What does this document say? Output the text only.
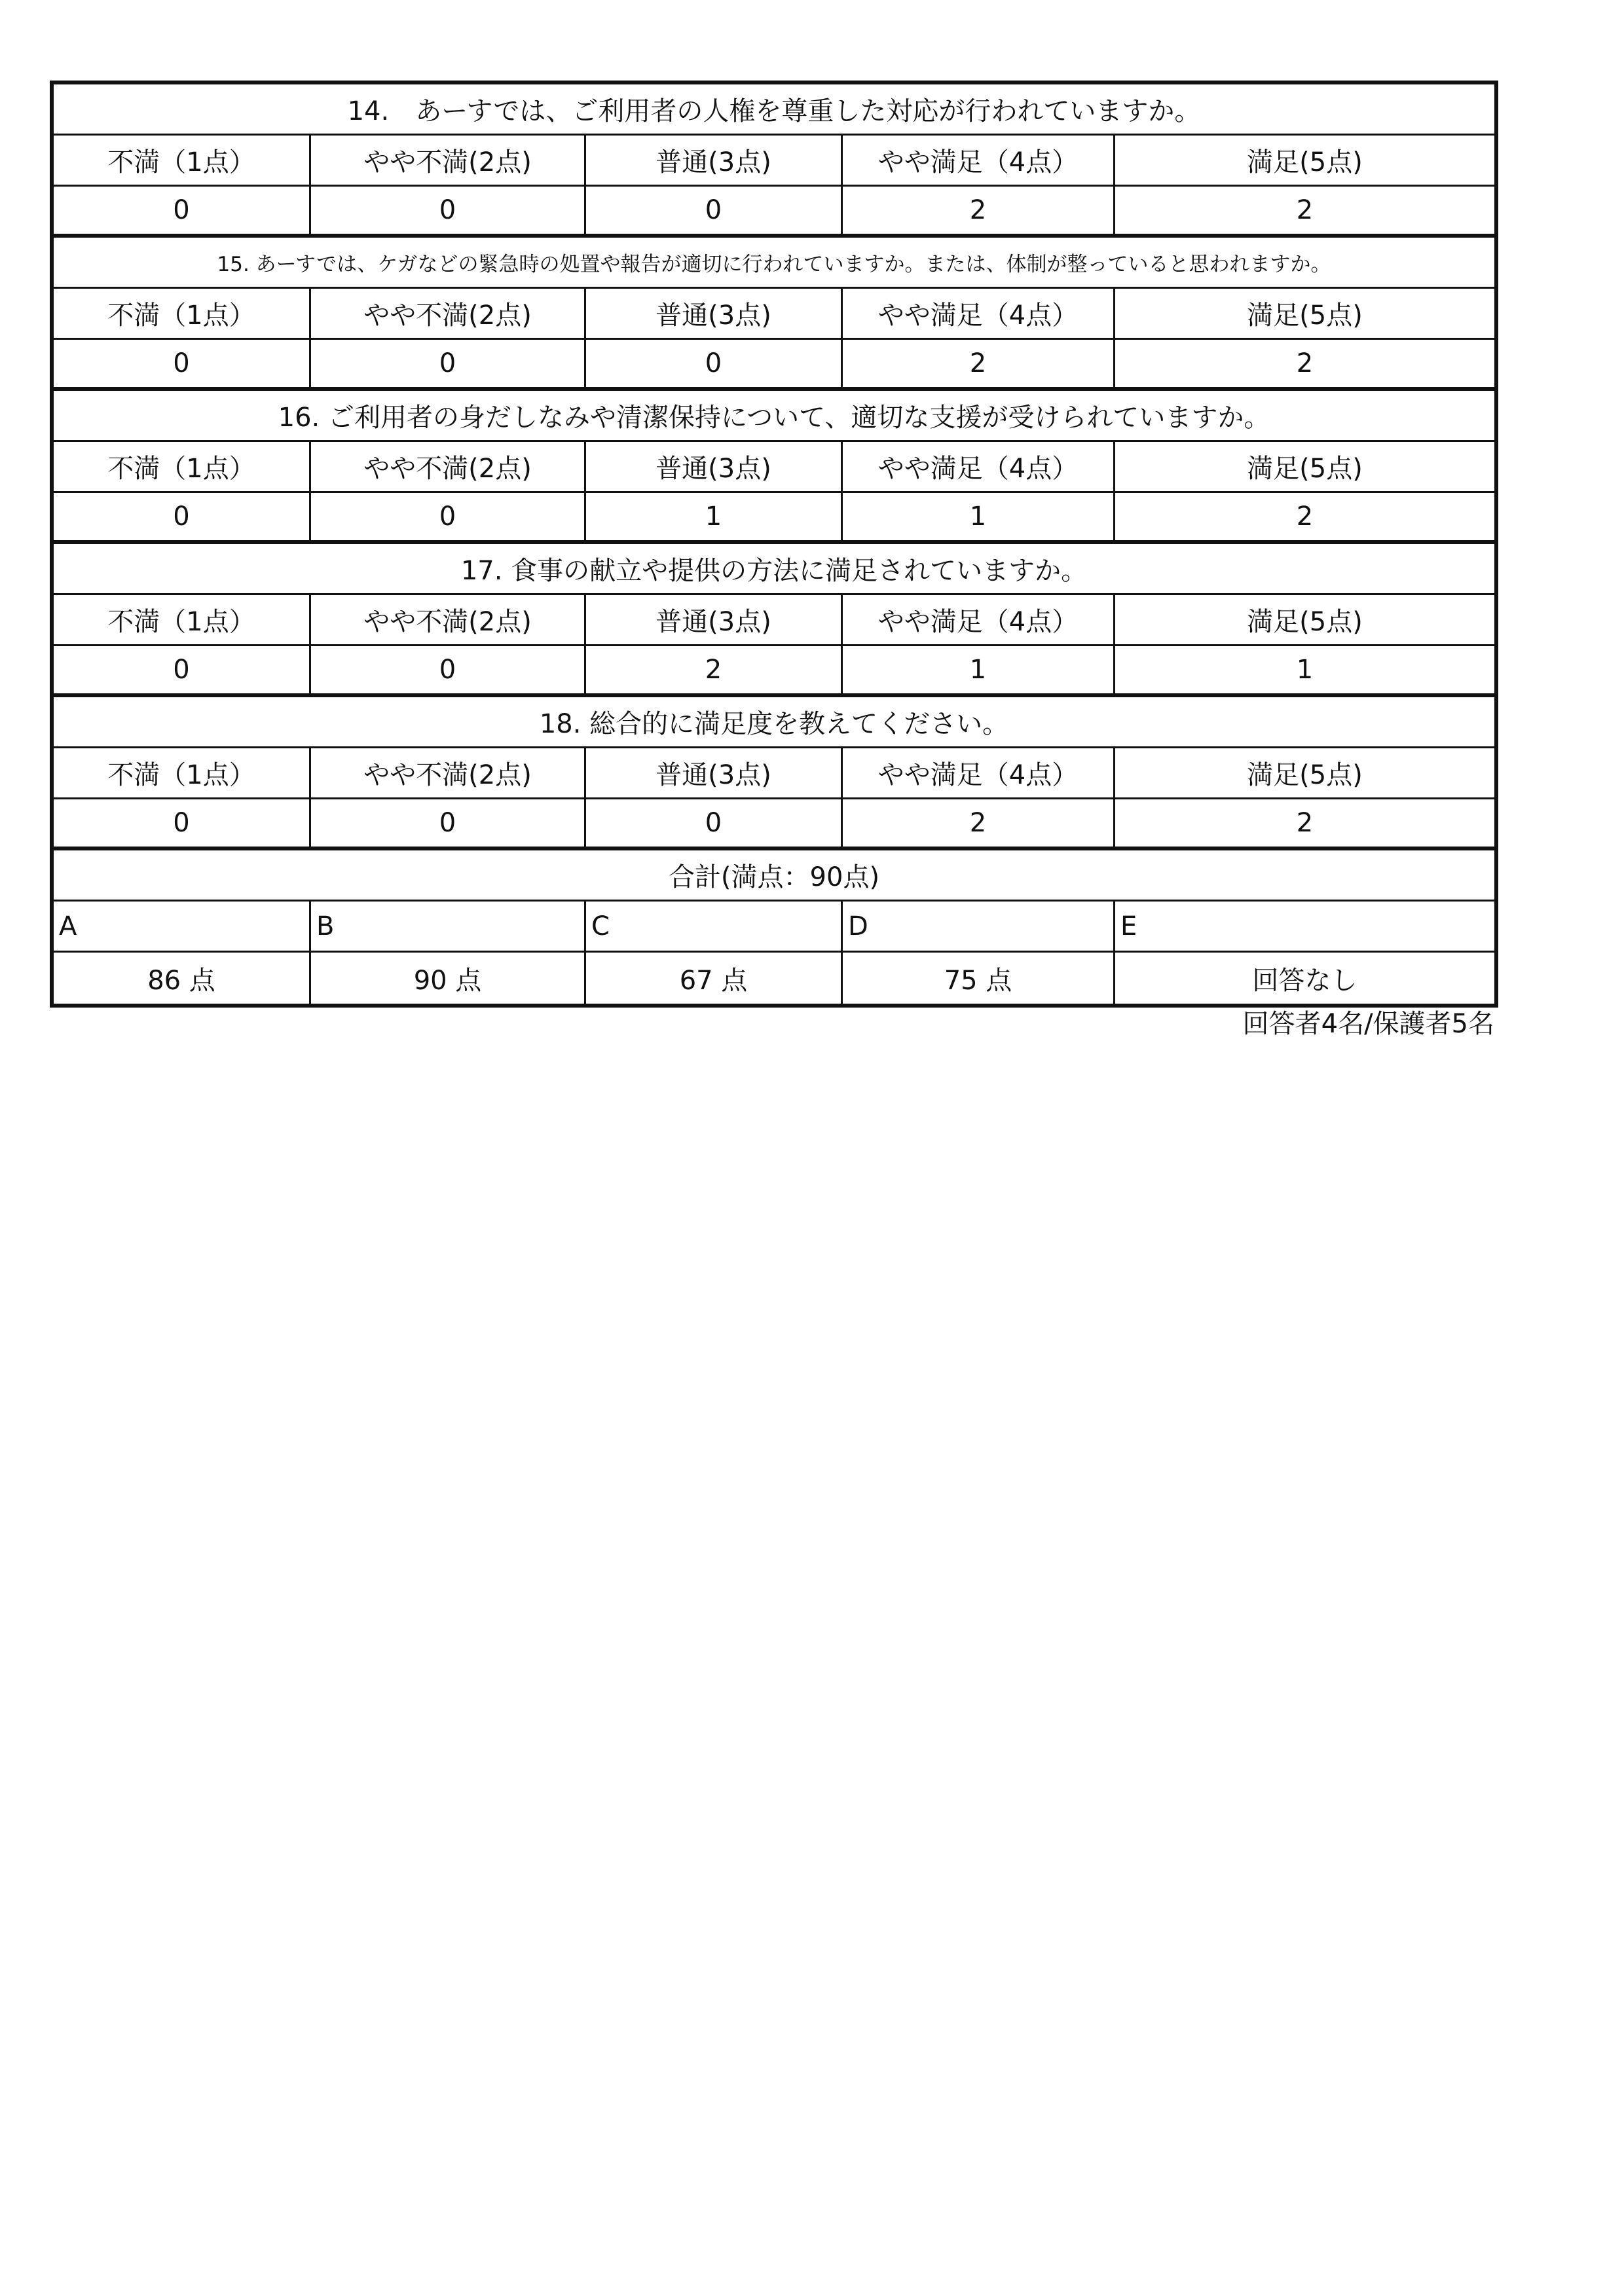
14.　あーすでは、ご利用者の人権を尊重した対応が行われていますか。
不満（1点）	やや不満(2点)	普通(3点)	やや満足（4点）	満足(5点)
0	0	0	2	2
15. あーすでは、ケガなどの緊急時の処置や報告が適切に行われていますか。または、体制が整っていると思われますか。
不満（1点）	やや不満(2点)	普通(3点)	やや満足（4点）	満足(5点)
0	0	0	2	2
16. ご利用者の身だしなみや清潔保持について、適切な支援が受けられていますか。
不満（1点）	やや不満(2点)	普通(3点)	やや満足（4点）	満足(5点)
0	0	1	1	2
17. 食事の献立や提供の方法に満足されていますか。
不満（1点）	やや不満(2点)	普通(3点)	やや満足（4点）	満足(5点)
0	0	2	1	1
18. 総合的に満足度を教えてください。
不満（1点）	やや不満(2点)	普通(3点)	やや満足（4点）	満足(5点)
0	0	0	2	2
合計(満点：90点)
A	B	C	D	E
86 点	90 点	67 点	75 点	回答なし
回答者4名/保護者5名
